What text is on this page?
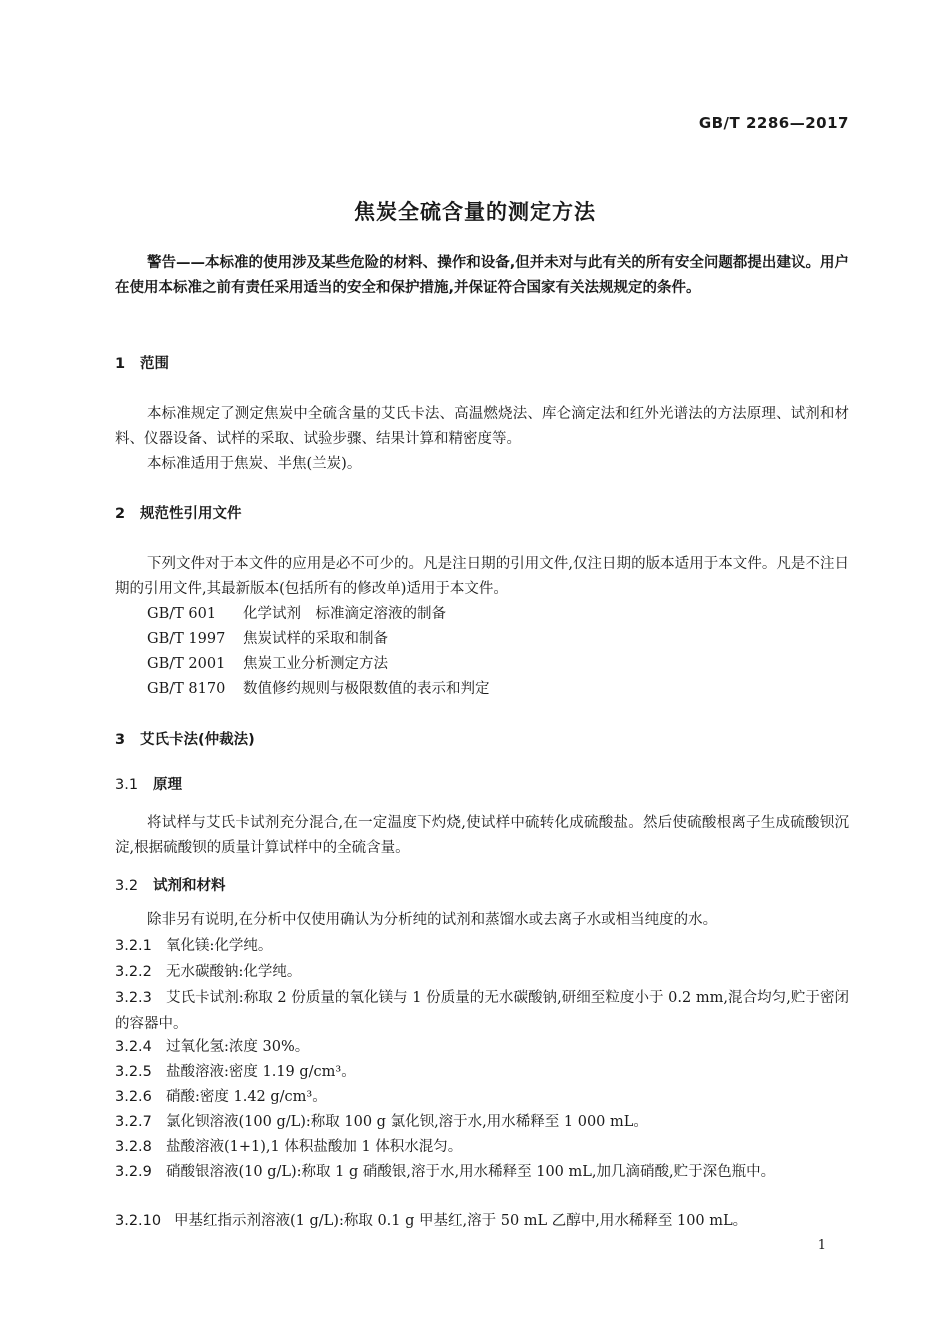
GB/T 2286—2017
焦炭全硫含量的测定方法

警告——本标准的使用涉及某些危险的材料、操作和设备,但并未对与此有关的所有安全问题都提出建议。用户在使用本标准之前有责任采用适当的安全和保护措施,并保证符合国家有关法规规定的条件。

1 范围

本标准规定了测定焦炭中全硫含量的艾氏卡法、高温燃烧法、库仑滴定法和红外光谱法的方法原理、试剂和材料、仪器设备、试样的采取、试验步骤、结果计算和精密度等。

本标准适用于焦炭、半焦(兰炭)。

2 规范性引用文件

下列文件对于本文件的应用是必不可少的。凡是注日期的引用文件,仅注日期的版本适用于本文件。凡是不注日期的引用文件,其最新版本(包括所有的修改单)适用于本文件。

GB/T 601 化学试剂　标准滴定溶液的制备
GB/T 1997 焦炭试样的采取和制备
GB/T 2001 焦炭工业分析测定方法
GB/T 8170 数值修约规则与极限数值的表示和判定
3 艾氏卡法(仲裁法)
3.1 原理

将试样与艾氏卡试剂充分混合,在一定温度下灼烧,使试样中硫转化成硫酸盐。然后使硫酸根离子生成硫酸钡沉淀,根据硫酸钡的质量计算试样中的全硫含量。

3.2 试剂和材料

除非另有说明,在分析中仅使用确认为分析纯的试剂和蒸馏水或去离子水或相当纯度的水。

3.2.1 氧化镁:化学纯。

3.2.2 无水碳酸钠:化学纯。

3.2.3 艾氏卡试剂:称取 2 份质量的氧化镁与 1 份质量的无水碳酸钠,研细至粒度小于 0.2 mm,混合均匀,贮于密闭的容器中。

3.2.4 过氧化氢:浓度 30%。

3.2.5 盐酸溶液:密度 1.19 g/cm³。

3.2.6 硝酸:密度 1.42 g/cm³。

3.2.7 氯化钡溶液(100 g/L):称取 100 g 氯化钡,溶于水,用水稀释至 1 000 mL。

3.2.8 盐酸溶液(1+1),1 体积盐酸加 1 体积水混匀。

3.2.9 硝酸银溶液(10 g/L):称取 1 g 硝酸银,溶于水,用水稀释至 100 mL,加几滴硝酸,贮于深色瓶中。

3.2.10 甲基红指示剂溶液(1 g/L):称取 0.1 g 甲基红,溶于 50 mL 乙醇中,用水稀释至 100 mL。

1
